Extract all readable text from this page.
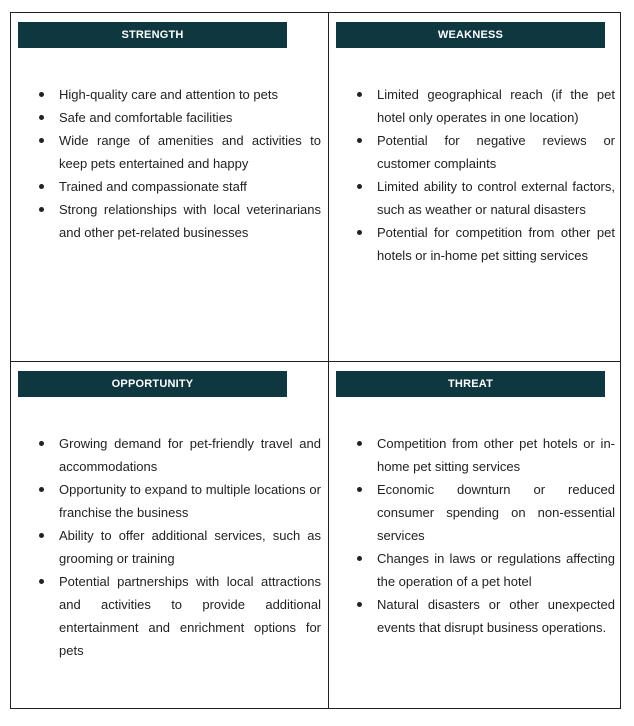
STRENGTH
High-quality care and attention to pets
Safe and comfortable facilities
Wide range of amenities and activities to keep pets entertained and happy
Trained and compassionate staff
Strong relationships with local veterinarians and other pet-related businesses
WEAKNESS
Limited geographical reach (if the pet hotel only operates in one location)
Potential for negative reviews or customer complaints
Limited ability to control external factors, such as weather or natural disasters
Potential for competition from other pet hotels or in-home pet sitting services
OPPORTUNITY
Growing demand for pet-friendly travel and accommodations
Opportunity to expand to multiple locations or franchise the business
Ability to offer additional services, such as grooming or training
Potential partnerships with local attractions and activities to provide additional entertainment and enrichment options for pets
THREAT
Competition from other pet hotels or in-home pet sitting services
Economic downturn or reduced consumer spending on non-essential services
Changes in laws or regulations affecting the operation of a pet hotel
Natural disasters or other unexpected events that disrupt business operations.
